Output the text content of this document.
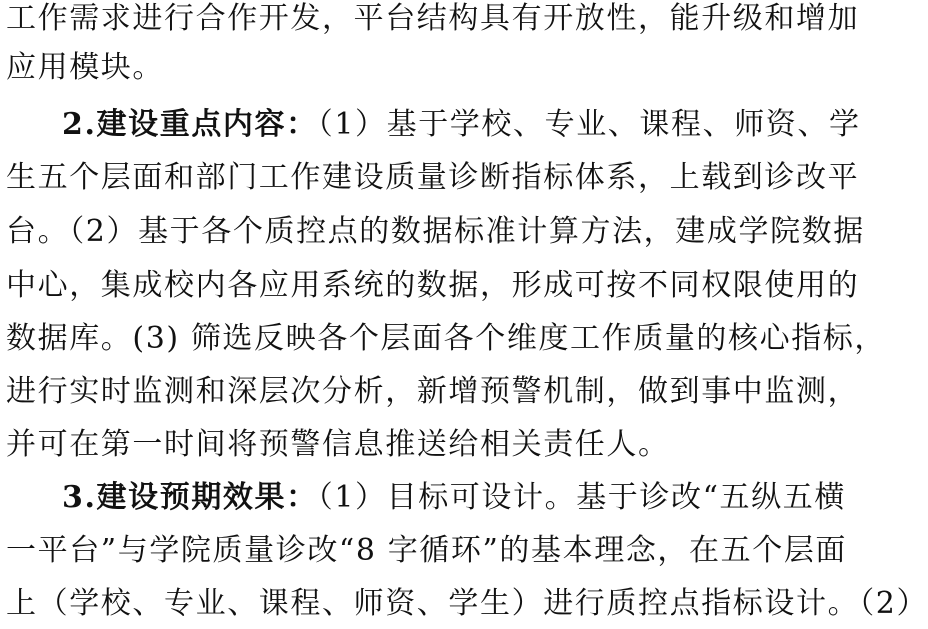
工作需求进行合作开发，平台结构具有开放性，能升级和增加
应用模块。
2.建设重点内容：（1）基于学校、专业、课程、师资、学
生五个层面和部门工作建设质量诊断指标体系，上载到诊改平
台。（2）基于各个质控点的数据标准计算方法，建成学院数据
中心，集成校内各应用系统的数据，形成可按不同权限使用的
数据库。(3) 筛选反映各个层面各个维度工作质量的核心指标，
进行实时监测和深层次分析，新增预警机制，做到事中监测，
并可在第一时间将预警信息推送给相关责任人。
3.建设预期效果：（1）目标可设计。基于诊改“五纵五横
一平台”与学院质量诊改“8 字循环”的基本理念，在五个层面
上（学校、专业、课程、师资、学生）进行质控点指标设计。（2）
